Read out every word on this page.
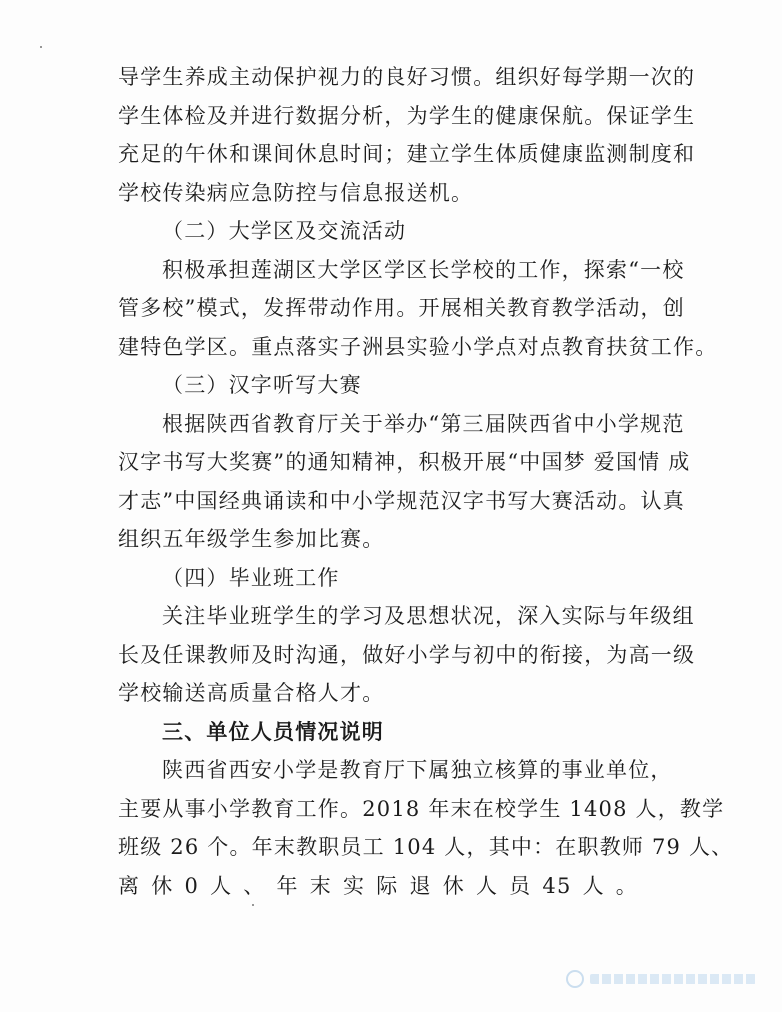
导学生养成主动保护视力的良好习惯。组织好每学期一次的
学生体检及并进行数据分析，为学生的健康保航。保证学生
充足的午休和课间休息时间；建立学生体质健康监测制度和
学校传染病应急防控与信息报送机。
（二）大学区及交流活动
积极承担莲湖区大学区学区长学校的工作，探索“一校
管多校”模式，发挥带动作用。开展相关教育教学活动，创
建特色学区。重点落实子洲县实验小学点对点教育扶贫工作。
（三）汉字听写大赛
根据陕西省教育厅关于举办“第三届陕西省中小学规范
汉字书写大奖赛”的通知精神，积极开展“中国梦 爱国情 成
才志”中国经典诵读和中小学规范汉字书写大赛活动。认真
组织五年级学生参加比赛。
（四）毕业班工作
关注毕业班学生的学习及思想状况，深入实际与年级组
长及任课教师及时沟通，做好小学与初中的衔接，为高一级
学校输送高质量合格人才。
三、单位人员情况说明
陕西省西安小学是教育厅下属独立核算的事业单位，
主要从事小学教育工作。2018 年末在校学生 1408 人，教学
班级 26 个。年末教职员工 104 人，其中：在职教师 79 人、
离 休 0 人 、 年 末 实 际 退 休 人 员 45 人 。
